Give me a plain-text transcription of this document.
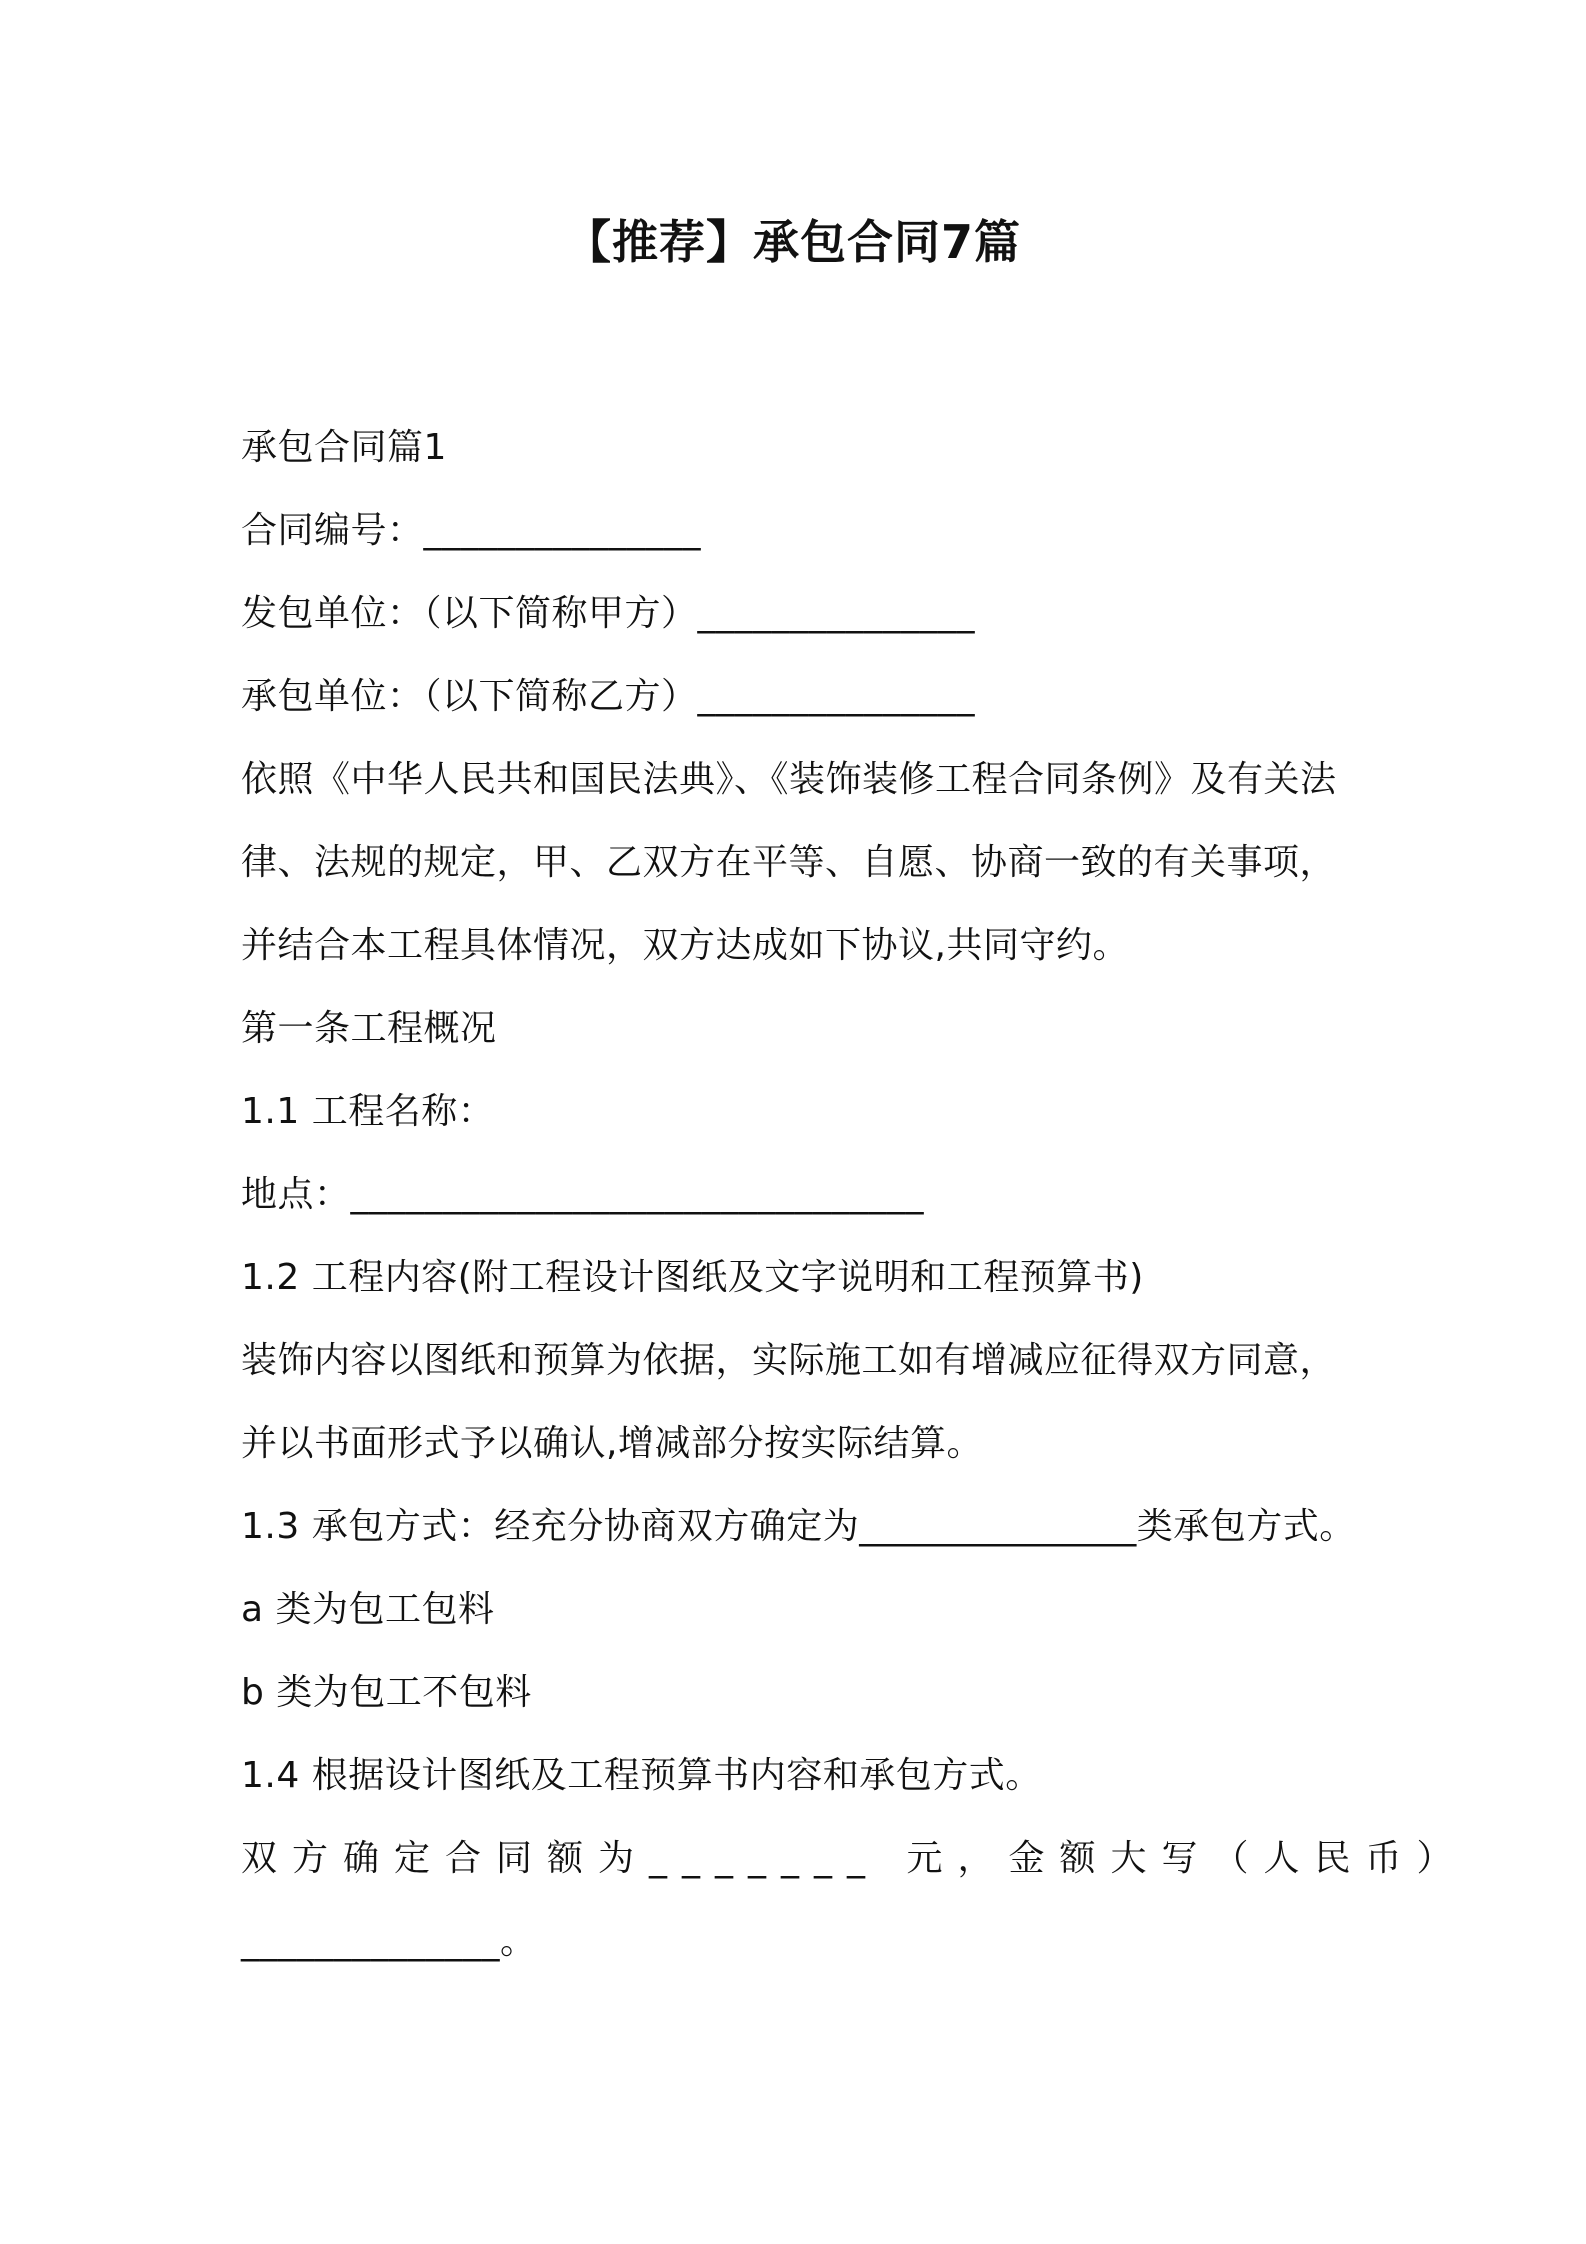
【推荐】承包合同7篇
承包合同篇1
合同编号：_______________
发包单位：（以下简称甲方）_______________
承包单位：（以下简称乙方）_______________
依照《中华人民共和国民法典》、《装饰装修工程合同条例》及有关法
律、法规的规定，甲、乙双方在平等、自愿、协商一致的有关事项，
并结合本工程具体情况，双方达成如下协议,共同守约。
第一条工程概况
1.1 工程名称：
地点：_______________________________
1.2 工程内容(附工程设计图纸及文字说明和工程预算书)
装饰内容以图纸和预算为依据，实际施工如有增减应征得双方同意，
并以书面形式予以确认,增减部分按实际结算。
1.3 承包方式：经充分协商双方确定为_______________类承包方式。
a 类为包工包料
b 类为包工不包料
1.4 根据设计图纸及工程预算书内容和承包方式。
双方确定合同额为_______ 元，金额大写（人民币）
______________。
